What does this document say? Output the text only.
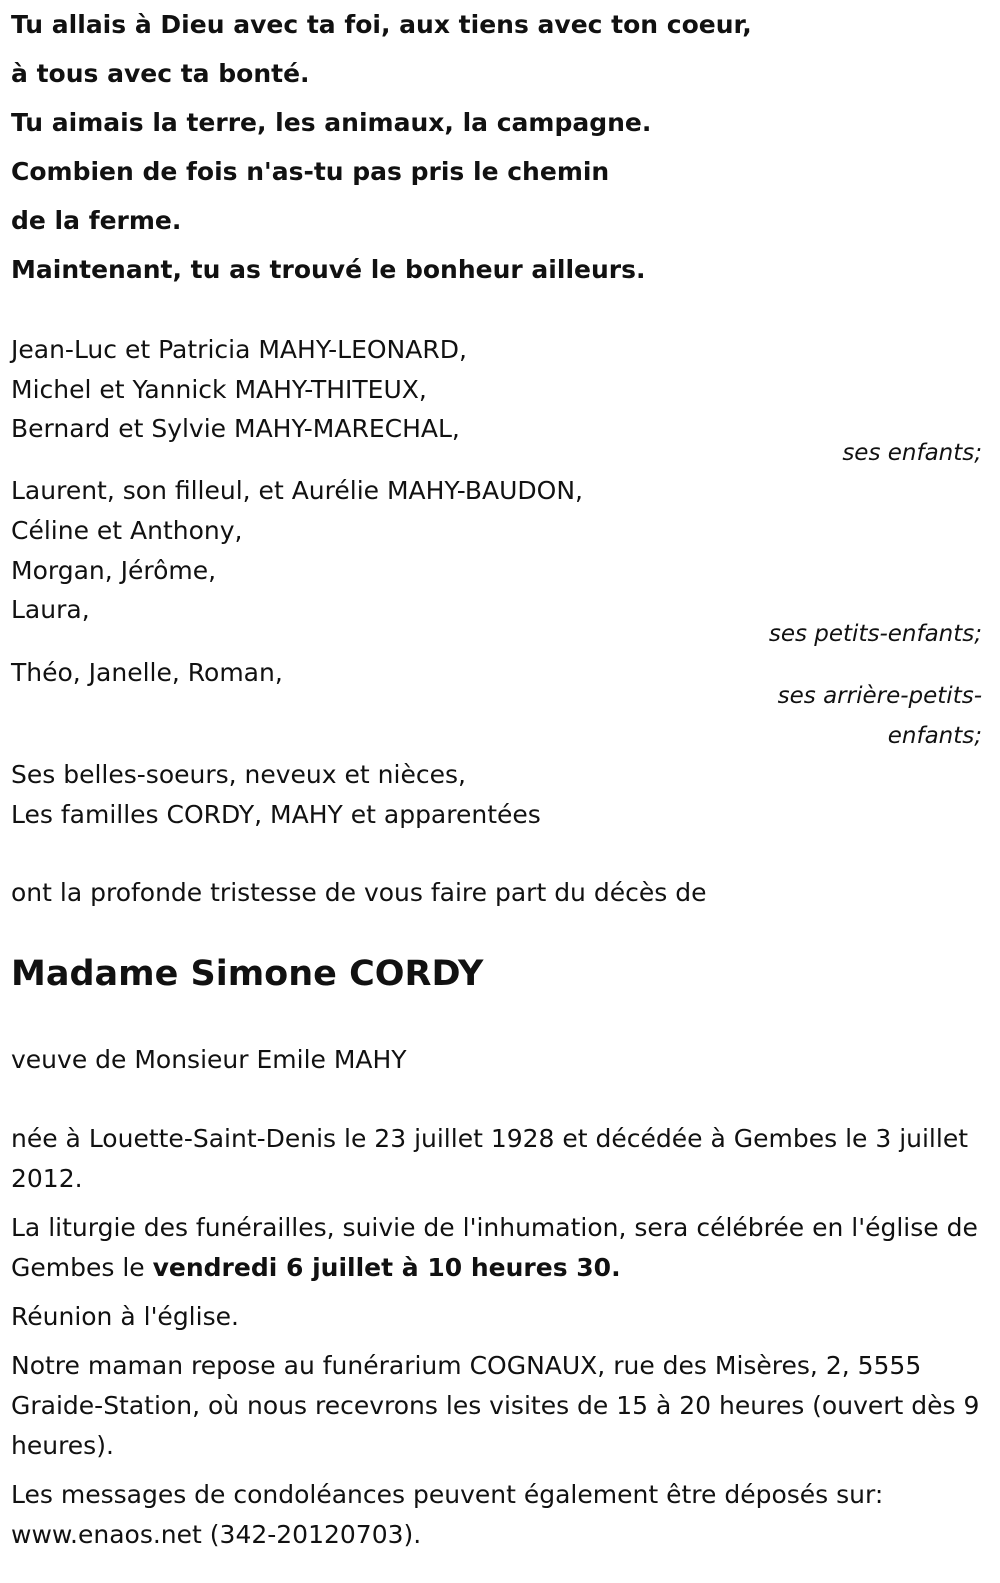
Tu allais à Dieu avec ta foi, aux tiens avec ton coeur,
à tous avec ta bonté.
Tu aimais la terre, les animaux, la campagne.
Combien de fois n'as-tu pas pris le chemin
de la ferme.
Maintenant, tu as trouvé le bonheur ailleurs.
Jean-Luc et Patricia MAHY-LEONARD,
Michel et Yannick MAHY-THITEUX,
Bernard et Sylvie MAHY-MARECHAL,
ses enfants;
Laurent, son filleul, et Aurélie MAHY-BAUDON,
Céline et Anthony,
Morgan, Jérôme,
Laura,
ses petits-enfants;
Théo, Janelle, Roman,
ses arrière-petits-
enfants;
Ses belles-soeurs, neveux et nièces,
Les familles CORDY, MAHY et apparentées
ont la profonde tristesse de vous faire part du décès de
Madame Simone CORDY
veuve de Monsieur Emile MAHY
née à Louette-Saint-Denis le 23 juillet 1928 et décédée à Gembes le 3 juillet 2012.
La liturgie des funérailles, suivie de l'inhumation, sera célébrée en l'église de Gembes le vendredi 6 juillet à 10 heures 30.
Réunion à l'église.
Notre maman repose au funérarium COGNAUX, rue des Misères, 2, 5555 Graide-Station, où nous recevrons les visites de 15 à 20 heures (ouvert dès 9 heures).
Les messages de condoléances peuvent également être déposés sur: www.enaos.net (342-20120703).
